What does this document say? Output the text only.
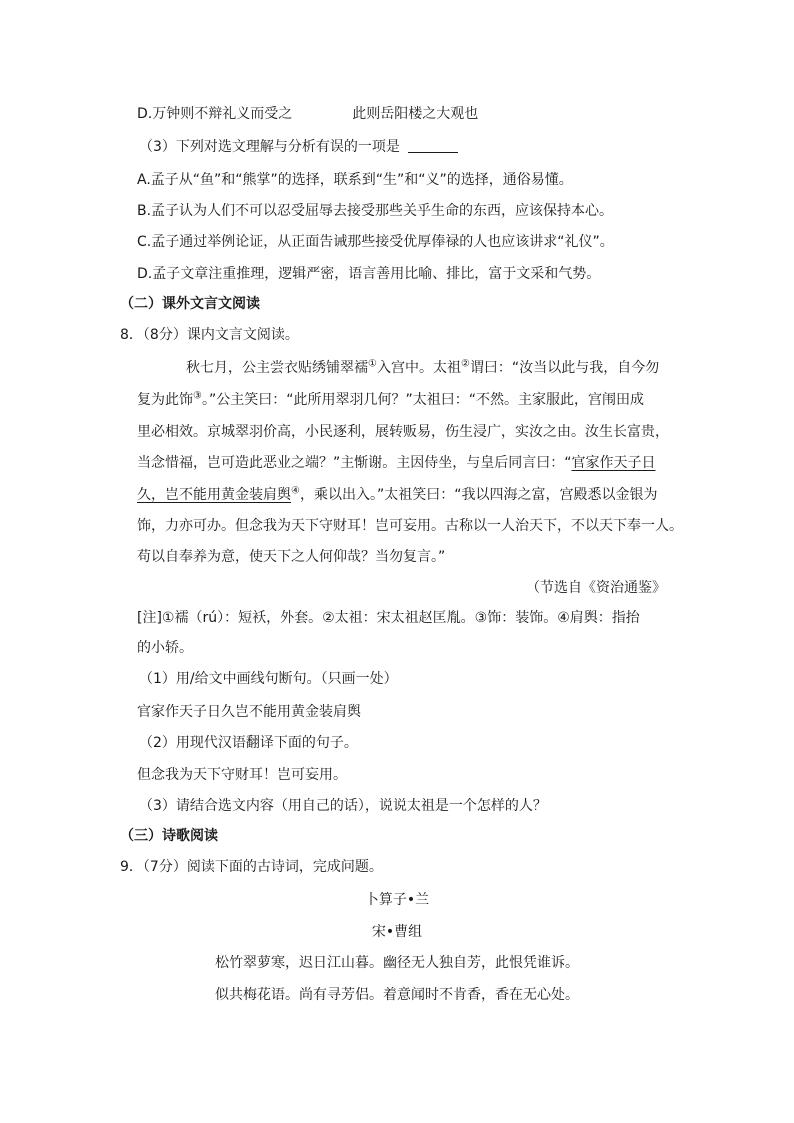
D.万钟则不辩礼义而受之	此则岳阳楼之大观也
（3）下列对选文理解与分析有误的一项是
A.孟子从“鱼”和“熊掌”的选择，联系到“生”和“义”的选择，通俗易懂。
B.孟子认为人们不可以忍受屈辱去接受那些关乎生命的东西，应该保持本心。
C.孟子通过举例论证，从正面告诫那些接受优厚俸禄的人也应该讲求“礼仪”。
D.孟子文章注重推理，逻辑严密，语言善用比喻、排比，富于文采和气势。
（二）课外文言文阅读
8．（8分）课内文言文阅读。
秋七月，公主尝衣贴绣铺翠襦①入宫中。太祖②谓曰：“汝当以此与我，自今勿
复为此饰③。”公主笑曰：“此所用翠羽几何？”太祖曰：“不然。主家服此，宫闱田成
里必相效。京城翠羽价高，小民逐利，展转贩易，伤生浸广，实汝之由。汝生长富贵，
当念惜福，岂可造此恶业之端？”主惭谢。主因侍坐，与皇后同言曰：“官家作天子日
久，岂不能用黄金装肩舆④，乘以出入。”太祖笑曰：“我以四海之富，宫殿悉以金银为
饰，力亦可办。但念我为天下守财耳！岂可妄用。古称以一人治天下，不以天下奉一人。
苟以自奉养为意，使天下之人何仰哉？当勿复言。”
（节选自《资治通鉴》
[注]①襦（rú）：短袄，外套。②太祖：宋太祖赵匡胤。③饰：装饰。④肩舆：指抬
的小轿。
（1）用/给文中画线句断句。（只画一处）
官家作天子日久岂不能用黄金装肩舆
（2）用现代汉语翻译下面的句子。
但念我为天下守财耳！岂可妄用。
（3）请结合选文内容（用自己的话），说说太祖是一个怎样的人？
（三）诗歌阅读
9．（7分）阅读下面的古诗词，完成问题。
卜算子•兰
宋•曹组
松竹翠萝寒，迟日江山暮。幽径无人独自芳，此恨凭谁诉。
似共梅花语。尚有寻芳侣。着意闻时不肯香，香在无心处。
